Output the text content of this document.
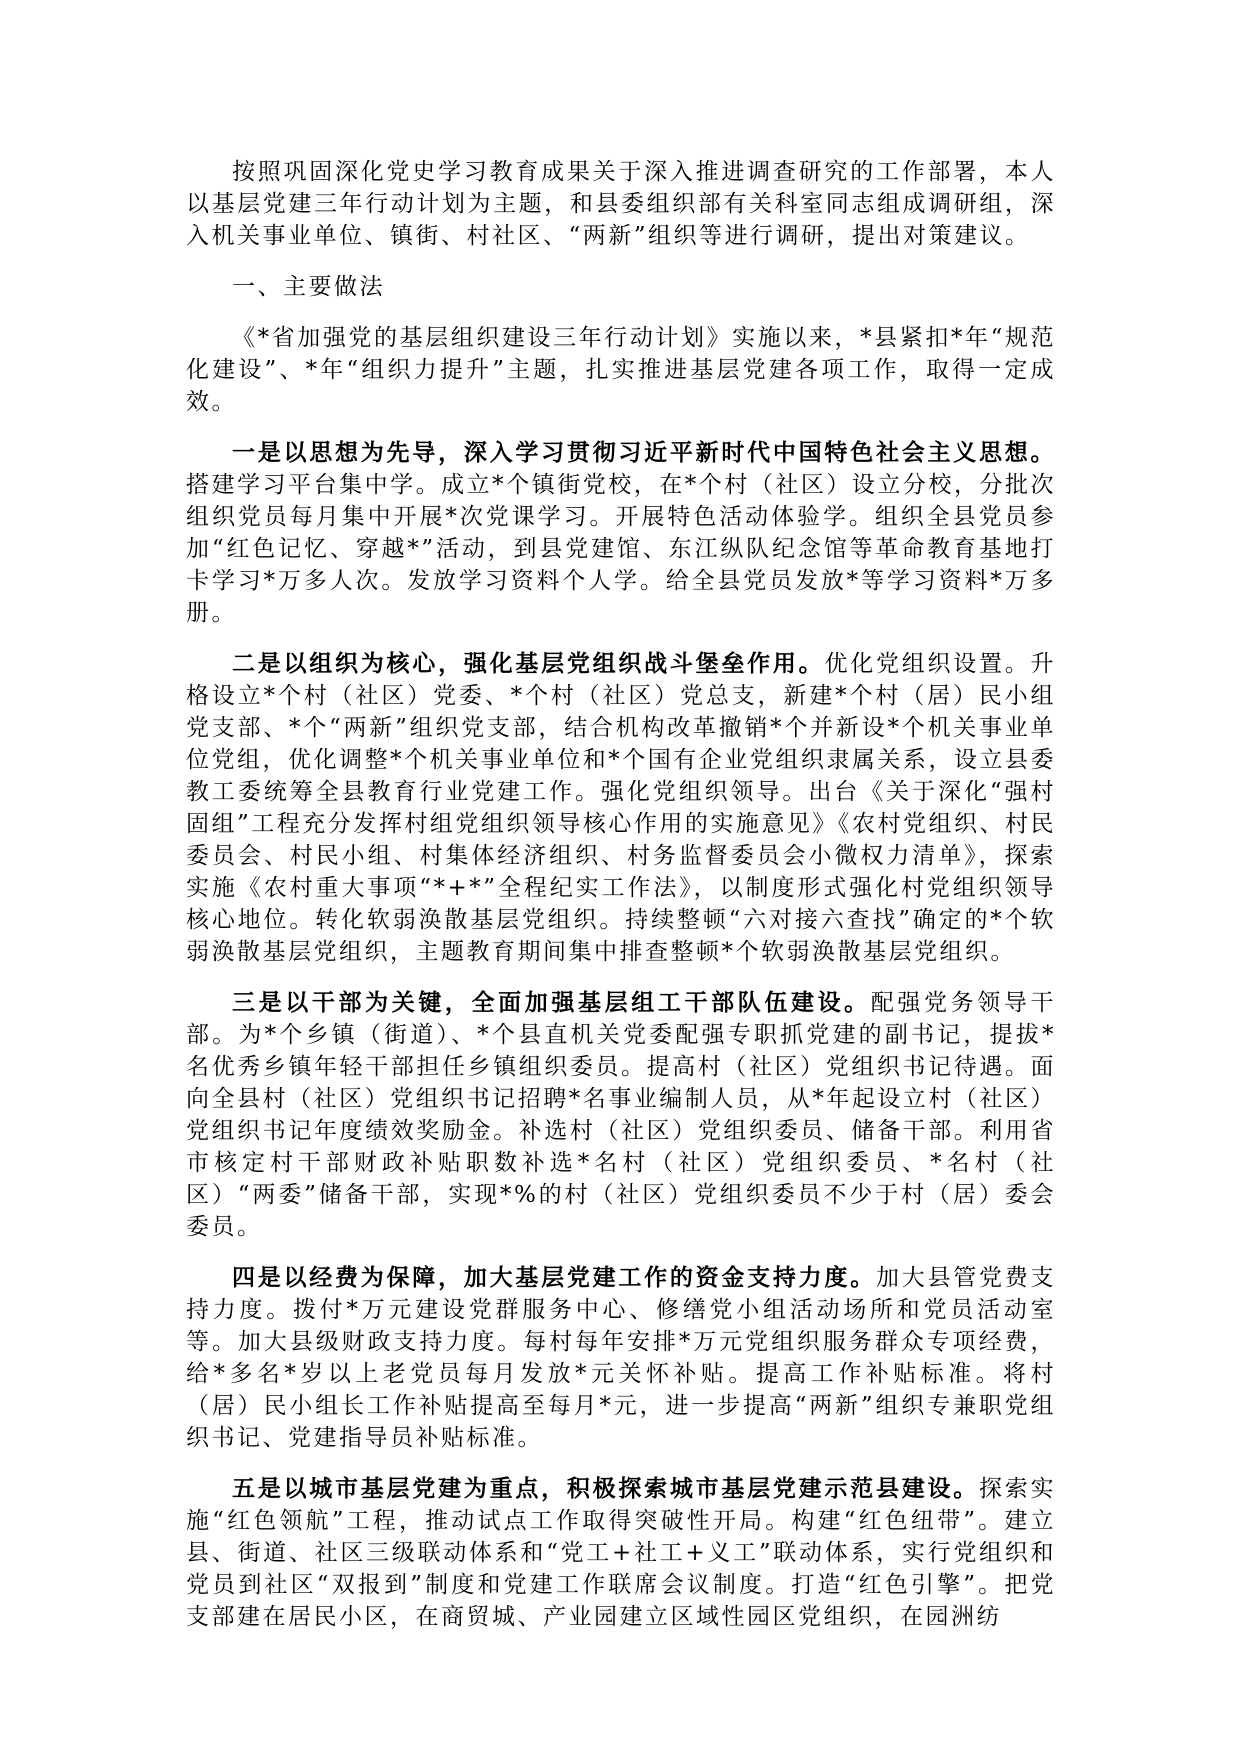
按照巩固深化党史学习教育成果关于深入推进调查研究的工作部署，本人以基层党建三年行动计划为主题，和县委组织部有关科室同志组成调研组，深入机关事业单位、镇街、村社区、“两新”组织等进行调研，提出对策建议。

一、主要做法

《*省加强党的基层组织建设三年行动计划》实施以来，*县紧扣*年“规范化建设”、*年“组织力提升”主题，扎实推进基层党建各项工作，取得一定成效。

一是以思想为先导，深入学习贯彻习近平新时代中国特色社会主义思想。搭建学习平台集中学。成立*个镇街党校，在*个村（社区）设立分校，分批次组织党员每月集中开展*次党课学习。开展特色活动体验学。组织全县党员参加“红色记忆、穿越*”活动，到县党建馆、东江纵队纪念馆等革命教育基地打卡学习*万多人次。发放学习资料个人学。给全县党员发放*等学习资料*万多册。

二是以组织为核心，强化基层党组织战斗堡垒作用。优化党组织设置。升格设立*个村（社区）党委、*个村（社区）党总支，新建*个村（居）民小组党支部、*个“两新”组织党支部，结合机构改革撤销*个并新设*个机关事业单位党组，优化调整*个机关事业单位和*个国有企业党组织隶属关系，设立县委教工委统筹全县教育行业党建工作。强化党组织领导。出台《关于深化“强村固组”工程充分发挥村组党组织领导核心作用的实施意见》《农村党组织、村民委员会、村民小组、村集体经济组织、村务监督委员会小微权力清单》，探索实施《农村重大事项“*+*”全程纪实工作法》，以制度形式强化村党组织领导核心地位。转化软弱涣散基层党组织。持续整顿“六对接六查找”确定的*个软弱涣散基层党组织，主题教育期间集中排查整顿*个软弱涣散基层党组织。

三是以干部为关键，全面加强基层组工干部队伍建设。配强党务领导干部。为*个乡镇（街道）、*个县直机关党委配强专职抓党建的副书记，提拔*名优秀乡镇年轻干部担任乡镇组织委员。提高村（社区）党组织书记待遇。面向全县村（社区）党组织书记招聘*名事业编制人员，从*年起设立村（社区）党组织书记年度绩效奖励金。补选村（社区）党组织委员、储备干部。利用省市核定村干部财政补贴职数补选*名村（社区）党组织委员、*名村（社区）“两委”储备干部，实现*%的村（社区）党组织委员不少于村（居）委会委员。

四是以经费为保障，加大基层党建工作的资金支持力度。加大县管党费支持力度。拨付*万元建设党群服务中心、修缮党小组活动场所和党员活动室等。加大县级财政支持力度。每村每年安排*万元党组织服务群众专项经费，给*多名*岁以上老党员每月发放*元关怀补贴。提高工作补贴标准。将村（居）民小组长工作补贴提高至每月*元，进一步提高“两新”组织专兼职党组织书记、党建指导员补贴标准。

五是以城市基层党建为重点，积极探索城市基层党建示范县建设。探索实施“红色领航”工程，推动试点工作取得突破性开局。构建“红色纽带”。建立县、街道、社区三级联动体系和“党工+社工+义工”联动体系，实行党组织和党员到社区“双报到”制度和党建工作联席会议制度。打造“红色引擎”。把党支部建在居民小区，在商贸城、产业园建立区域性园区党组织，在园洲纺
